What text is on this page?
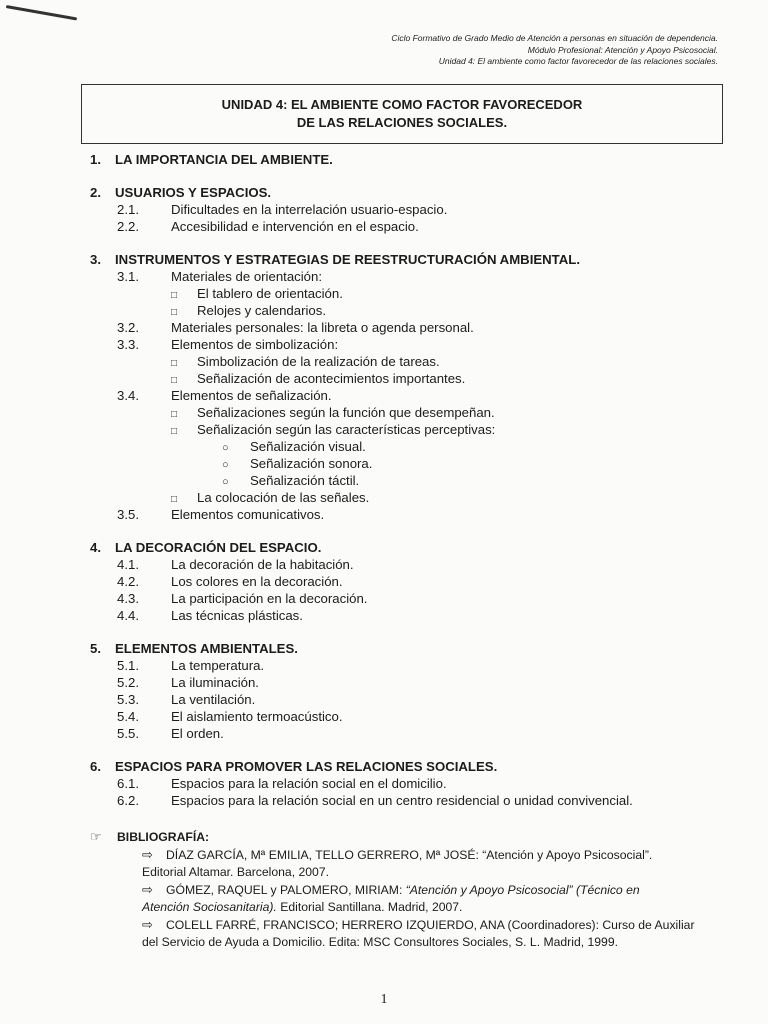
Ciclo Formativo de Grado Medio de Atención a personas en situación de dependencia.
Módulo Profesional: Atención y Apoyo Psicosocial.
Unidad 4: El ambiente como factor favorecedor de las relaciones sociales.
UNIDAD 4: EL AMBIENTE COMO FACTOR FAVORECEDOR
DE LAS RELACIONES SOCIALES.
1.	LA IMPORTANCIA DEL AMBIENTE.
2.	USUARIOS Y ESPACIOS.
2.1.	Dificultades en la interrelación usuario-espacio.
2.2.	Accesibilidad e intervención en el espacio.
3.	INSTRUMENTOS Y ESTRATEGIAS DE REESTRUCTURACIÓN AMBIENTAL.
3.1.	Materiales de orientación:
□	El tablero de orientación.
□	Relojes y calendarios.
3.2.	Materiales personales: la libreta o agenda personal.
3.3.	Elementos de simbolización:
□	Simbolización de la realización de tareas.
□	Señalización de acontecimientos importantes.
3.4.	Elementos de señalización.
□	Señalizaciones según la función que desempeñan.
□	Señalización según las características perceptivas:
○	Señalización visual.
○	Señalización sonora.
○	Señalización táctil.
□	La colocación de las señales.
3.5.	Elementos comunicativos.
4.	LA DECORACIÓN DEL ESPACIO.
4.1.	La decoración de la habitación.
4.2.	Los colores en la decoración.
4.3.	La participación en la decoración.
4.4.	Las técnicas plásticas.
5.	ELEMENTOS AMBIENTALES.
5.1.	La temperatura.
5.2.	La iluminación.
5.3.	La ventilación.
5.4.	El aislamiento termoacústico.
5.5.	El orden.
6.	ESPACIOS PARA PROMOVER LAS RELACIONES SOCIALES.
6.1.	Espacios para la relación social en el domicilio.
6.2.	Espacios para la relación social en un centro residencial o unidad convivencial.
☞	BIBLIOGRAFÍA:
⇨ DÍAZ GARCÍA, Mª EMILIA, TELLO GERRERO, Mª JOSÉ: “Atención y Apoyo Psicosocial”.
Editorial Altamar. Barcelona, 2007.
⇨ GÓMEZ, RAQUEL y PALOMERO, MIRIAM: “Atención y Apoyo Psicosocial” (Técnico en
Atención Sociosanitaria). Editorial Santillana. Madrid, 2007.
⇨ COLELL FARRÉ, FRANCISCO; HERRERO IZQUIERDO, ANA (Coordinadores): Curso de Auxiliar
del Servicio de Ayuda a Domicilio. Edita: MSC Consultores Sociales, S. L. Madrid, 1999.
1
